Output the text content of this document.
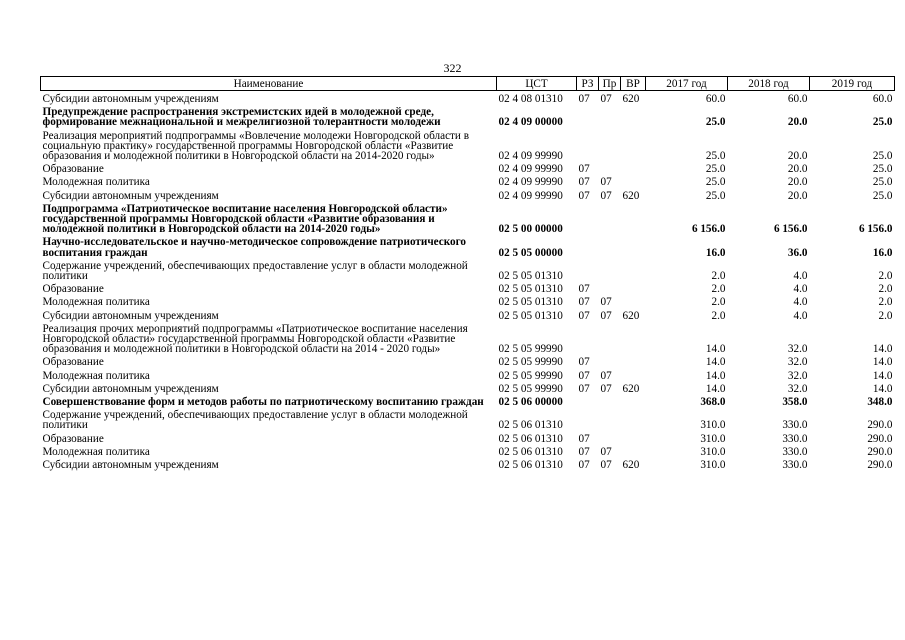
322
Наименование	ЦСТ	РЗ	Пр	ВР	2017 год	2018 год	2019 год
Субсидии автономным учреждениям	02 4 08 01310	07	07	620	60.0	60.0	60.0
Предупреждение распространения экстремистских идей в молодежной среде, формирование межнациональной и межрелигиозной толерантности молодежи	02 4 09 00000				25.0	20.0	25.0
Реализация мероприятий подпрограммы «Вовлечение молодежи Новгородской области в социальную практику» государственной программы Новгородской области «Развитие образования и молодежной политики в Новгородской области на 2014-2020 годы»	02 4 09 99990				25.0	20.0	25.0
Образование	02 4 09 99990	07			25.0	20.0	25.0
Молодежная политика	02 4 09 99990	07	07		25.0	20.0	25.0
Субсидии автономным учреждениям	02 4 09 99990	07	07	620	25.0	20.0	25.0
Подпрограмма «Патриотическое воспитание населения Новгородской области» государственной программы Новгородской области «Развитие образования и молодежной политики в Новгородской области на 2014-2020 годы»	02 5 00 00000				6 156.0	6 156.0	6 156.0
Научно-исследовательское и научно-методическое сопровождение патриотического воспитания граждан	02 5 05 00000				16.0	36.0	16.0
Содержание учреждений, обеспечивающих предоставление услуг в области молодежной политики	02 5 05 01310				2.0	4.0	2.0
Образование	02 5 05 01310	07			2.0	4.0	2.0
Молодежная политика	02 5 05 01310	07	07		2.0	4.0	2.0
Субсидии автономным учреждениям	02 5 05 01310	07	07	620	2.0	4.0	2.0
Реализация прочих мероприятий подпрограммы «Патриотическое воспитание населения Новгородской области» государственной программы Новгородской области «Развитие образования и молодежной политики в Новгородской области на 2014 - 2020 годы»	02 5 05 99990				14.0	32.0	14.0
Образование	02 5 05 99990	07			14.0	32.0	14.0
Молодежная политика	02 5 05 99990	07	07		14.0	32.0	14.0
Субсидии автономным учреждениям	02 5 05 99990	07	07	620	14.0	32.0	14.0
Совершенствование форм и методов работы по патриотическому воспитанию граждан	02 5 06 00000				368.0	358.0	348.0
Содержание учреждений, обеспечивающих предоставление услуг в области молодежной политики	02 5 06 01310				310.0	330.0	290.0
Образование	02 5 06 01310	07			310.0	330.0	290.0
Молодежная политика	02 5 06 01310	07	07		310.0	330.0	290.0
Субсидии автономным учреждениям	02 5 06 01310	07	07	620	310.0	330.0	290.0
